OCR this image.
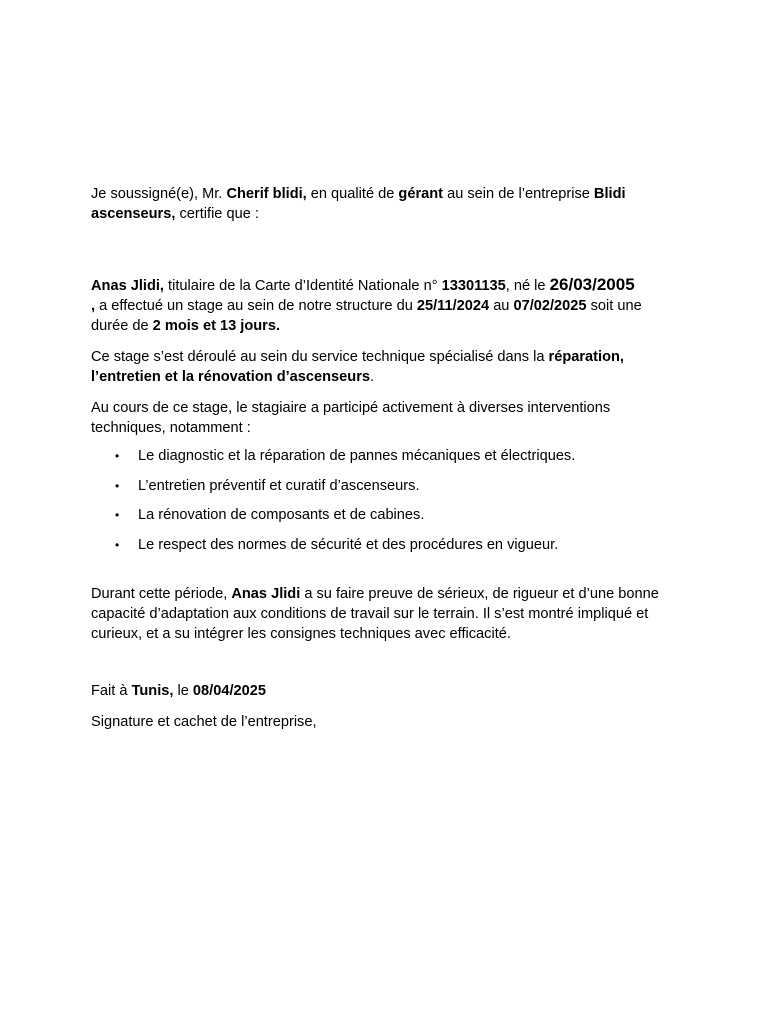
Je soussigné(e), Mr. Cherif blidi, en qualité de gérant au sein de l’entreprise Blidi ascenseurs, certifie que :

Anas Jlidi, titulaire de la Carte d’Identité Nationale n° 13301135, né le 26/03/2005
, a effectué un stage au sein de notre structure du 25/11/2024 au 07/02/2025 soit une durée de 2 mois et 13 jours.

Ce stage s’est déroulé au sein du service technique spécialisé dans la réparation, l’entretien et la rénovation d’ascenseurs.

Au cours de ce stage, le stagiaire a participé activement à diverses interventions techniques, notamment :

• Le diagnostic et la réparation de pannes mécaniques et électriques.
• L’entretien préventif et curatif d’ascenseurs.
• La rénovation de composants et de cabines.
• Le respect des normes de sécurité et des procédures en vigueur.

Durant cette période, Anas Jlidi a su faire preuve de sérieux, de rigueur et d’une bonne capacité d’adaptation aux conditions de travail sur le terrain. Il s’est montré impliqué et curieux, et a su intégrer les consignes techniques avec efficacité.

Fait à Tunis, le 08/04/2025

Signature et cachet de l’entreprise,
